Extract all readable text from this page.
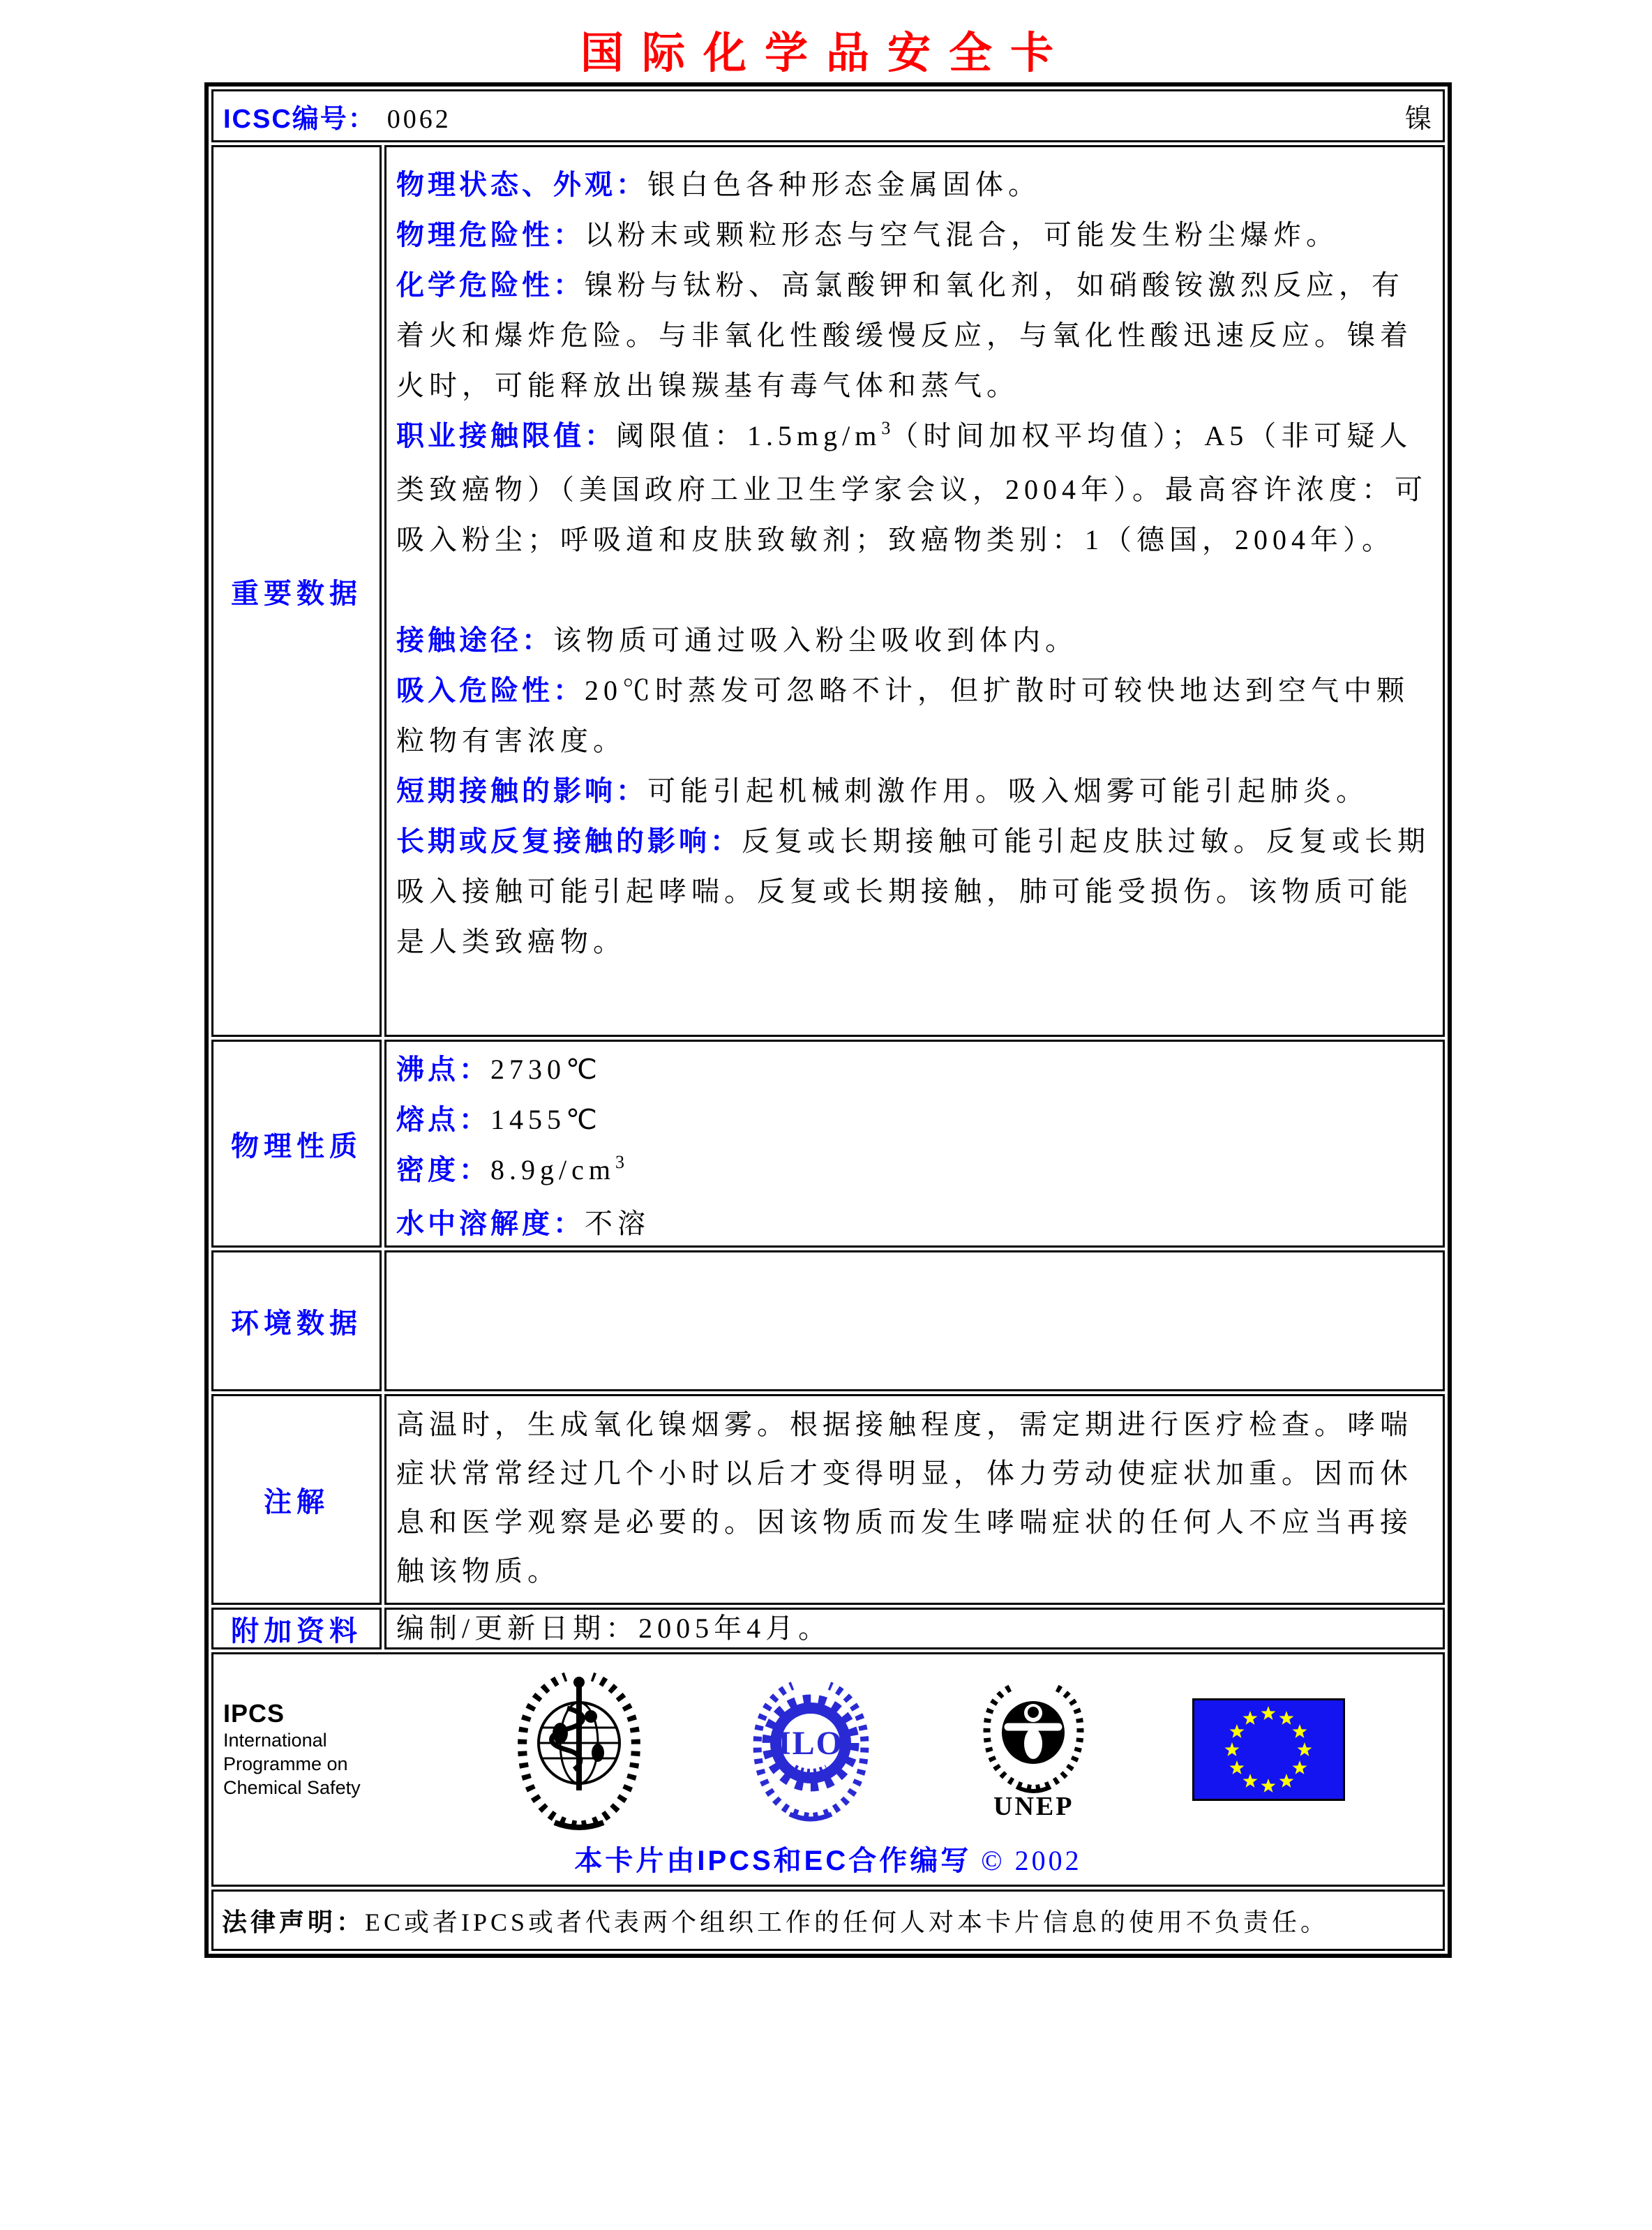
国际化学品安全卡
ICSC编号： 0062	镍
重要数据
物理状态、外观：银白色各种形态金属固体。
物理危险性：以粉末或颗粒形态与空气混合，可能发生粉尘爆炸。
化学危险性：镍粉与钛粉、高氯酸钾和氧化剂，如硝酸铵激烈反应，有着火和爆炸危险。与非氧化性酸缓慢反应，与氧化性酸迅速反应。镍着火时，可能释放出镍羰基有毒气体和蒸气。
职业接触限值：阈限值：$1.5mg/m^3$（时间加权平均值）；A5（非可疑人类致癌物）（美国政府工业卫生学家会议，2004年）。最高容许浓度：可吸入粉尘；呼吸道和皮肤致敏剂；致癌物类别：1（德国，2004年）。

接触途径：该物质可通过吸入粉尘吸收到体内。
吸入危险性：20℃时蒸发可忽略不计，但扩散时可较快地达到空气中颗粒物有害浓度。
短期接触的影响：可能引起机械刺激作用。吸入烟雾可能引起肺炎。
长期或反复接触的影响：反复或长期接触可能引起皮肤过敏。反复或长期吸入接触可能引起哮喘。反复或长期接触，肺可能受损伤。该物质可能是人类致癌物。
物理性质
沸点：2730℃
熔点：1455℃
密度：$8.9g/cm^3$
水中溶解度：不溶
环境数据
注解
高温时，生成氧化镍烟雾。根据接触程度，需定期进行医疗检查。哮喘症状常常经过几个小时以后才变得明显，体力劳动使症状加重。因而休息和医学观察是必要的。因该物质而发生哮喘症状的任何人不应当再接触该物质。
附加资料	编制/更新日期：2005年4月。
IPCS
International
Programme on
Chemical Safety
ILO
UNEP
本卡片由IPCS和EC合作编写 © 2002
法律声明： EC或者IPCS或者代表两个组织工作的任何人对本卡片信息的使用不负责任。
